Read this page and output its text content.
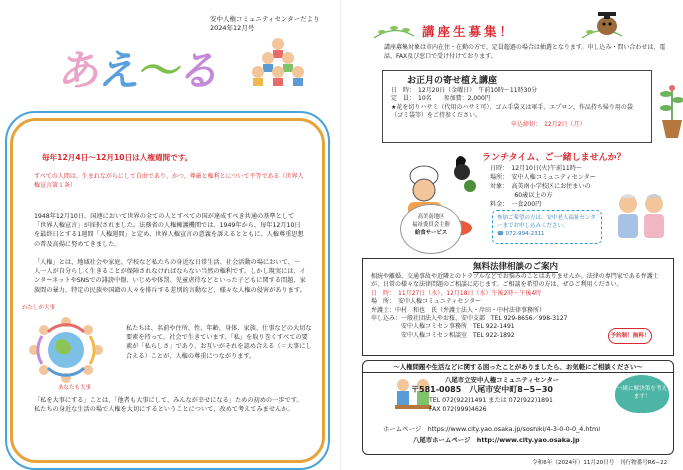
安中人権コミュニティセンターだより　2024年12月号
あえ〜る
毎年12月4日〜12月10日は人権週間です。
すべての人間は、生まれながらにして自由であり、かつ、尊厳と権利とについて平等である（世界人権宣言第１条）
1948年12月10日、国連において世界の全ての人とすべての国が達成すべき共通の基準として「世界人権宣言」が採択されました。法務省の人権擁護機関では、1949年から、毎年12月10日を最終日とする1週間「人権週間」と定め、世界人権宣言の意義を訴えるとともに、人権尊重思想の普及高揚に努めてきました。
「人権」とは、地域社会や家庭、学校など私たちの身近な日常生活、社会活動の場において、一人一人が自分らしく生きることが保障されなければならない当然の権利です。しかし現実には、インターネットやSNSでの誹謗中傷、いじめや体罰、児童虐待などといった子どもに関する問題、家族間の暴力、特定の民族や国籍の人々を排斥する差別的言動など、様々な人権の侵害があります。
わたしが大事
あなたも大事
私たちは、名前や住所、性、年齢、身体、家族、仕事などの大切な要素を持って、社会で生きています。「私」を取り巻くすべての要素が「私らしさ」であり、お互いがそれを認め合える（＝大事にし合える）ことが、人権の尊重につながります。
「私を大事にする」ことは、「他者も大事にして、みんなが幸せになる」ための初めの一歩です。私たちの身近な生活の場で人権を大切にするということについて、改めて考えてみませんか。
講座生募集！
講座募集対象は市内在住・在勤の方で、定員超過の場合は抽選となります。申し込み・問い合わせは、電話、FAX及び窓口で受け付けております。
お正月の寄せ植え講座
日　時：　12月20日（金曜日）　午前10時〜11時30分
定　員：　10名　　参加費：2,000円
★花を切りハサミ（代用のハサミ可）、ゴム手袋又は軍手、エプロン、作品持ち帰り用の袋（ゴミ袋等）をご持参ください。
申込締切：　12月2日（月）
高美南地区
福祉委員会主催
給食サービス
ランチタイム、ご一緒しませんか？
日時：　12月10日(火)午前11時〜
場所：　安中人権コミュニティセンター
対象：　高美南小学校区にお住まいの
　　　　60歳以上の方
料金：　一食200円
参加ご希望の方は、安中老人福祉センターまでお申し込みください。
☎ 072-994-2311
無料法律相談のご案内
相続や離婚、交通事故や近隣とのトラブルなどでお悩みのことはありませんか。法律の専門家である弁護士が、日常の様々な法律問題のご相談に応じます。ご相談を希望の方は、ぜひご利用ください。
日　時：　11月27日（水）、12月18日（水）午後2時〜午後4時
場　所：　安中人権コミュニティセンター
弁護士：中村　和也　氏（弁護士法人・岸田・中村法律事務所）
申し込み：一般社団法人やお桜、安中支部　TEL 929-8656／998-3127
　　　　　安中人権コミセン事務所　TEL 922-1491
　　　　　安中人権コミセン相談室　TEL 922-1892	予約制！無料！
〜人権問題や生活などに関する困ったことがありましたら、お気軽にご相談ください〜
八尾市立安中人権コミュニティセンター
〒581-0085　八尾市安中町8−5−30
TEL 072(922)1491 または 072(922)1891
FAX 072(999)4626
一緒に解決策を考えます！
ホームページ　https://www.city.yao.osaka.jp/soshiki/4-3-0-0-0_4.html
八尾市ホームページ　http://www.city.yao.osaka.jp
令和6年（2024年）11月20日号　刊行物番号R6−22
